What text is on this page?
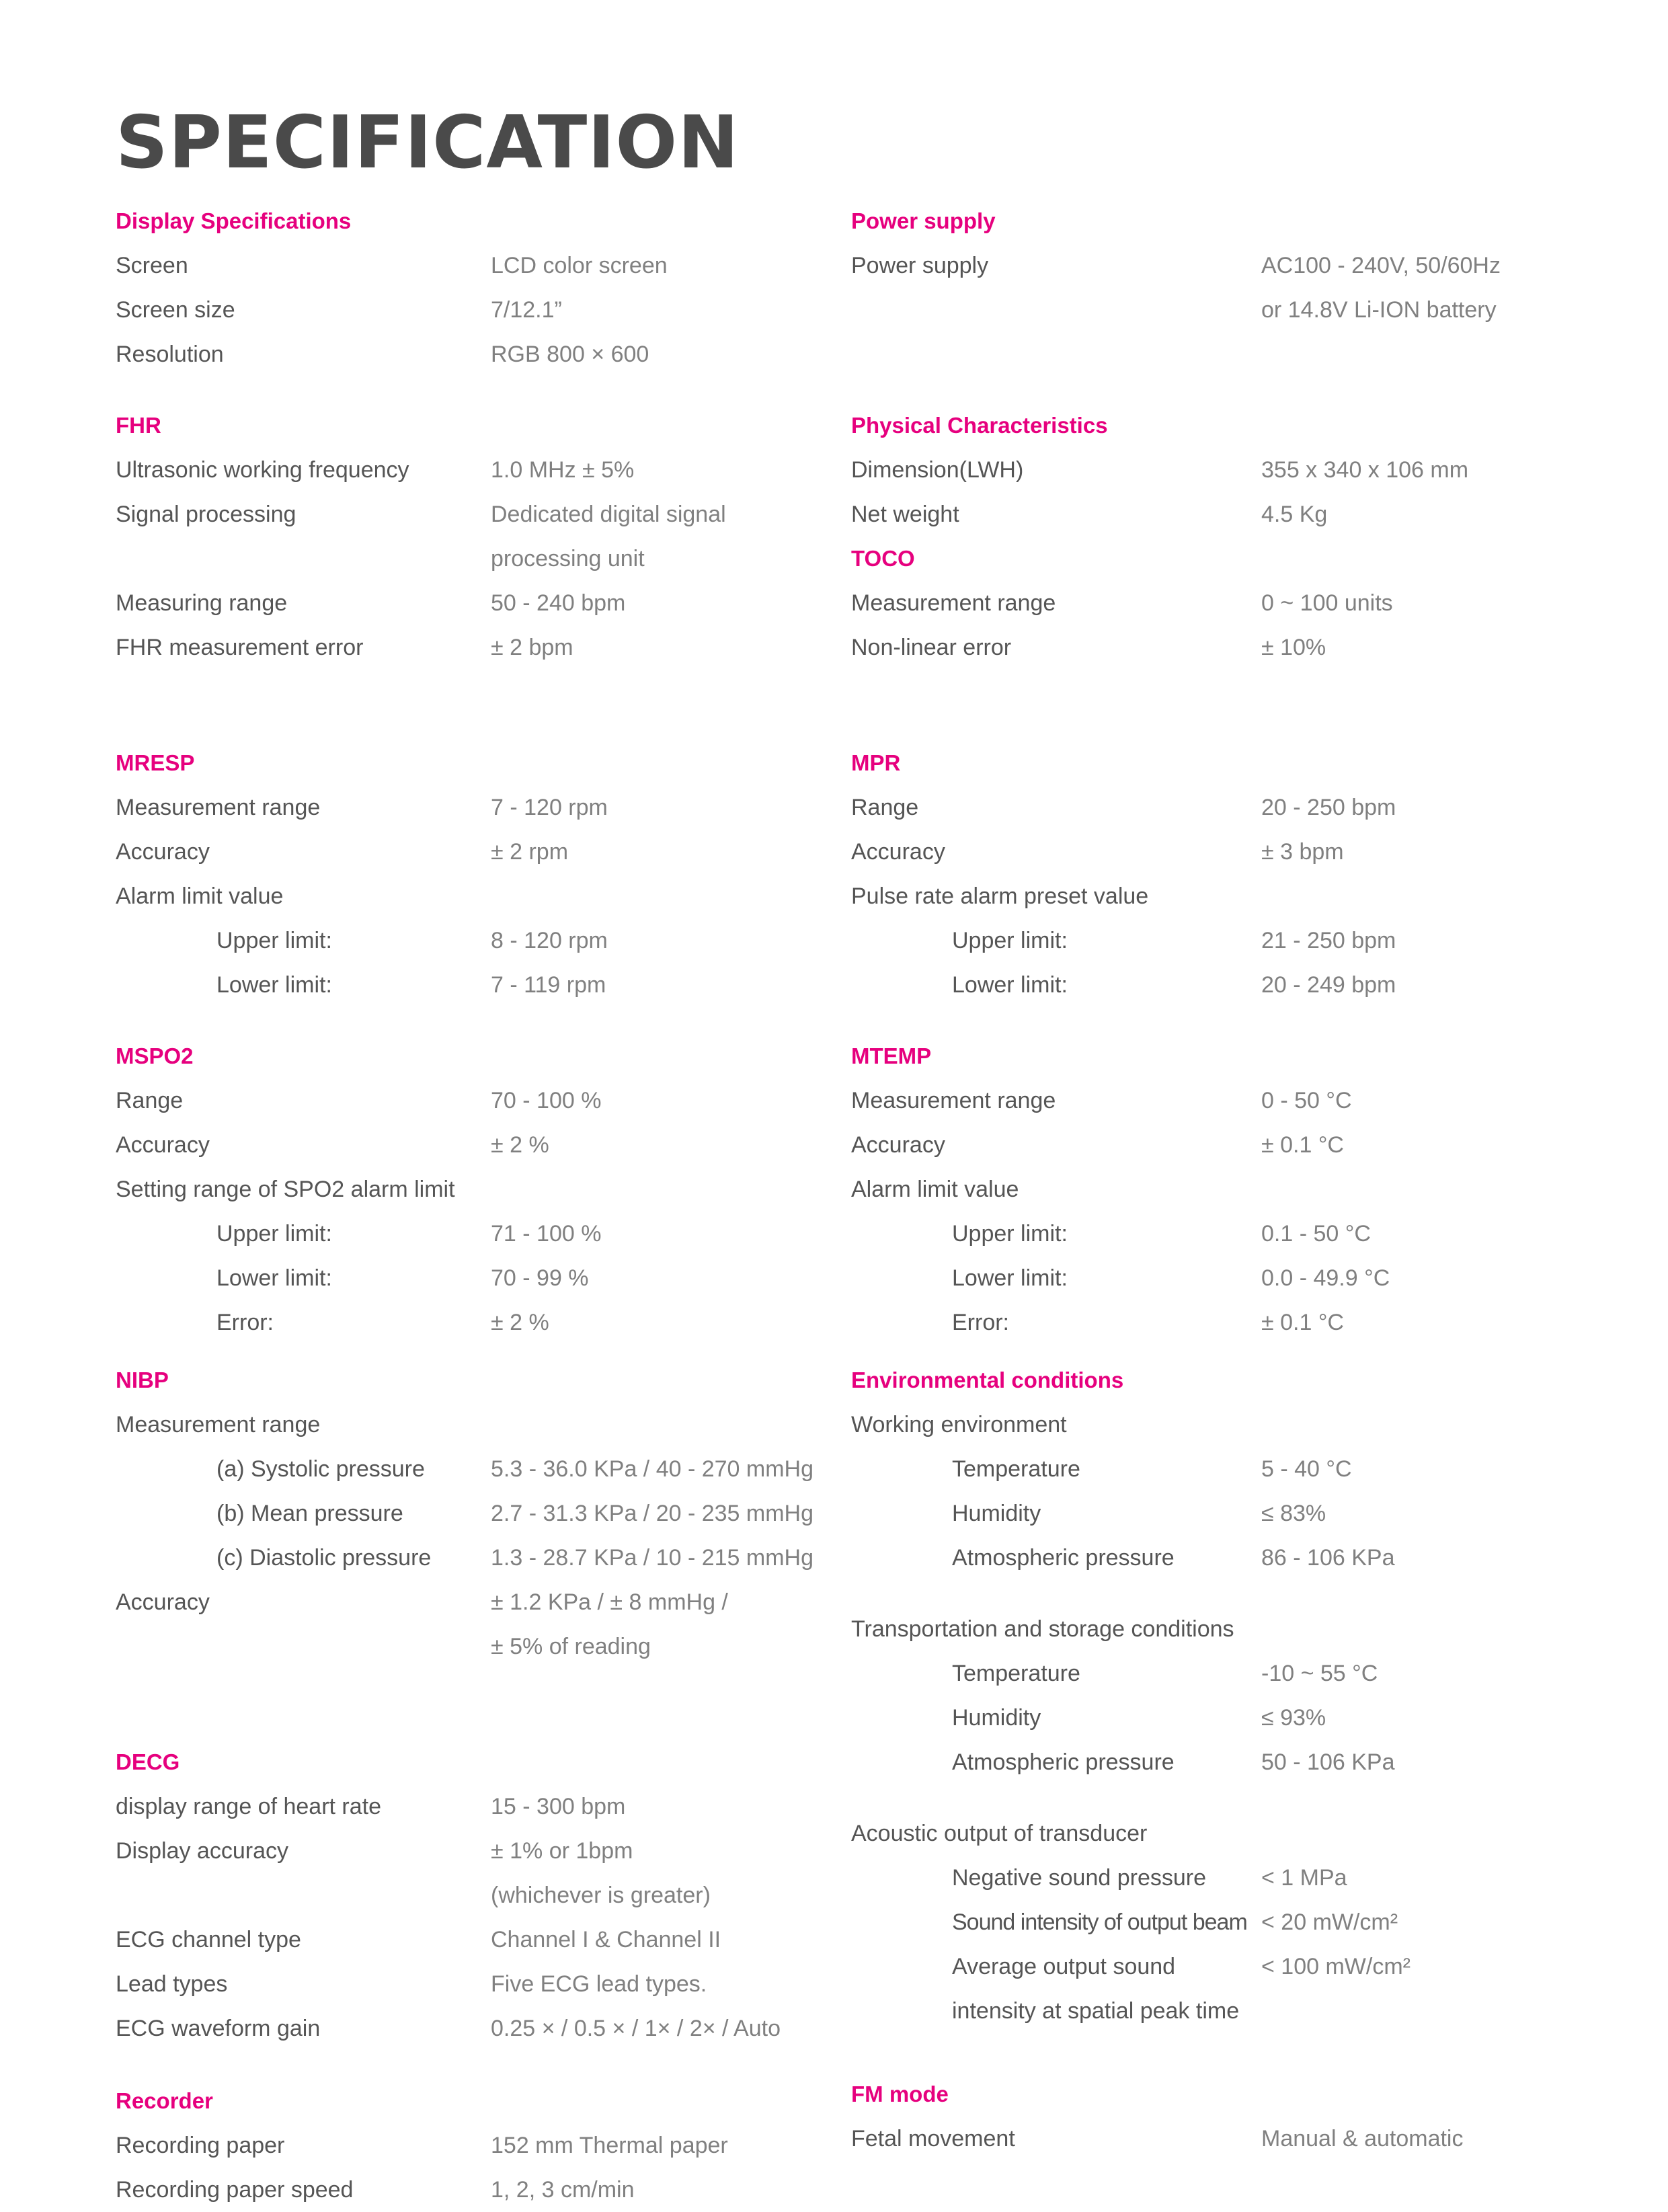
SPECIFICATION
Display Specifications
Screen	LCD color screen
Screen size	7/12.1”
Resolution	RGB 800 × 600
FHR
Ultrasonic working frequency	1.0 MHz ± 5%
Signal processing	Dedicated digital signal
processing unit
Measuring range	50 - 240 bpm
FHR measurement error	± 2 bpm
MRESP
Measurement range	7 - 120 rpm
Accuracy	± 2 rpm
Alarm limit value
Upper limit:	8 - 120 rpm
Lower limit:	7 - 119 rpm
MSPO2
Range	70 - 100 %
Accuracy	± 2 %
Setting range of SPO2 alarm limit
Upper limit:	71 - 100 %
Lower limit:	70 - 99 %
Error:	± 2 %
NIBP
Measurement range
(a) Systolic pressure	5.3 - 36.0 KPa / 40 - 270 mmHg
(b) Mean pressure	2.7 - 31.3 KPa / 20 - 235 mmHg
(c) Diastolic pressure	1.3 - 28.7 KPa / 10 - 215 mmHg
Accuracy	± 1.2 KPa / ± 8 mmHg /
± 5% of reading
DECG
display range of heart rate	15 - 300 bpm
Display accuracy	± 1% or 1bpm
(whichever is greater)
ECG channel type	Channel I & Channel II
Lead types	Five ECG lead types.
ECG waveform gain	0.25 × / 0.5 × / 1× / 2× / Auto
Recorder
Recording paper	152 mm Thermal paper
Recording paper speed	1, 2, 3 cm/min
Power supply
Power supply	AC100 - 240V, 50/60Hz
or 14.8V Li-ION battery
Physical Characteristics
Dimension(LWH)	355 x 340 x 106 mm
Net weight	4.5 Kg
TOCO
Measurement range	0 ~ 100 units
Non-linear error	± 10%
MPR
Range	20 - 250 bpm
Accuracy	± 3 bpm
Pulse rate alarm preset value
Upper limit:	21 - 250 bpm
Lower limit:	20 - 249 bpm
MTEMP
Measurement range	0 - 50 °C
Accuracy	± 0.1 °C
Alarm limit value
Upper limit:	0.1 - 50 °C
Lower limit:	0.0 - 49.9 °C
Error:	± 0.1 °C
Environmental conditions
Working environment
Temperature	5 - 40 °C
Humidity	≤ 83%
Atmospheric pressure	86 - 106 KPa
Transportation and storage conditions
Temperature	-10 ~ 55 °C
Humidity	≤ 93%
Atmospheric pressure	50 - 106 KPa
Acoustic output of transducer
Negative sound pressure < 1 MPa
Sound intensity of output beam < 20 mW/cm²
Average output sound	< 100 mW/cm²
intensity at spatial peak time
FM mode
Fetal movement	Manual & automatic
